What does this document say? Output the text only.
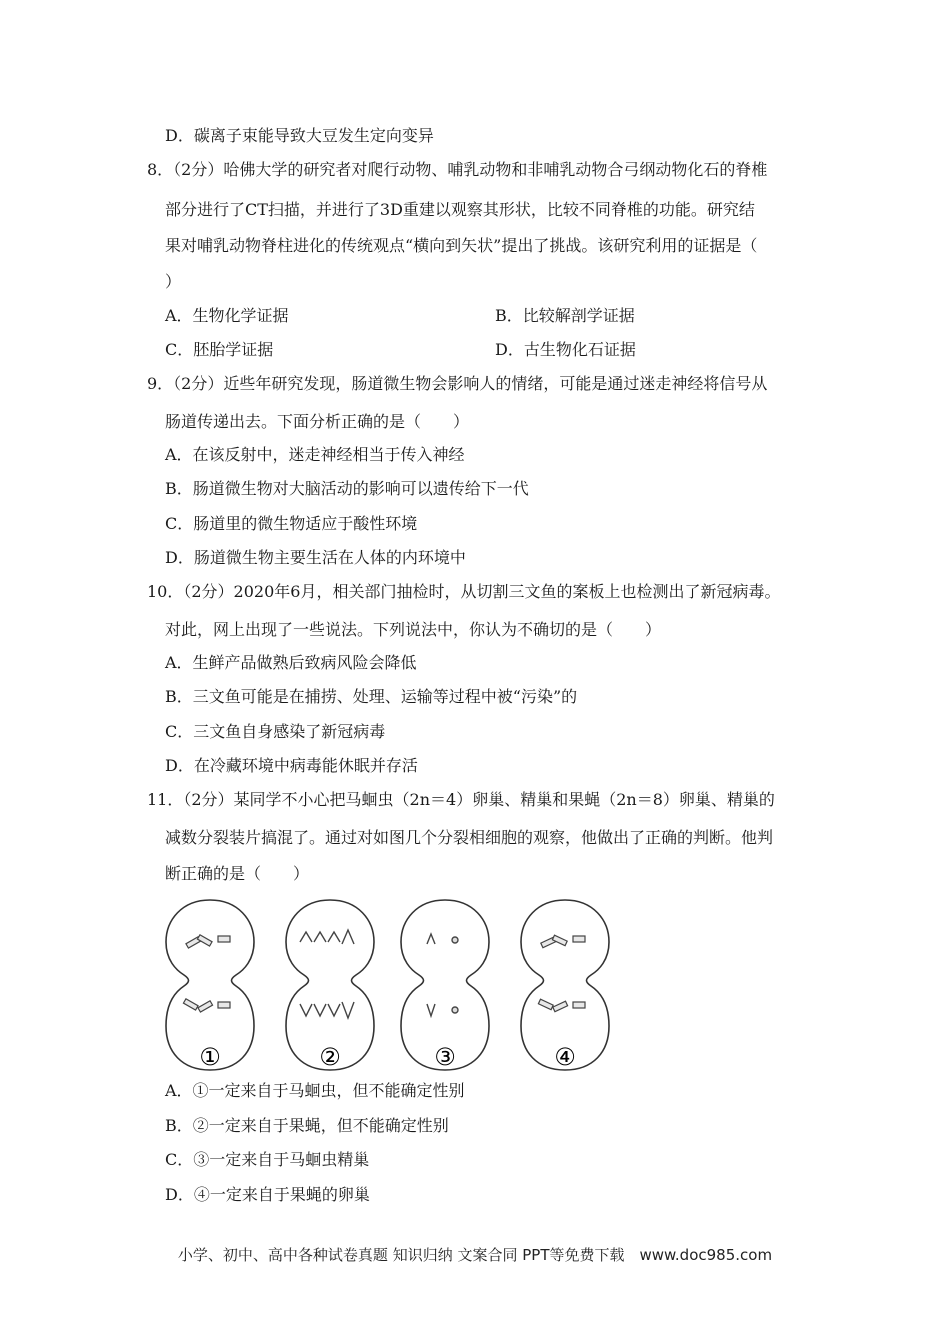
D．碳离子束能导致大豆发生定向变异
8．（2分）哈佛大学的研究者对爬行动物、哺乳动物和非哺乳动物合弓纲动物化石的脊椎
部分进行了CT扫描，并进行了3D重建以观察其形状，比较不同脊椎的功能。研究结
果对哺乳动物脊柱进化的传统观点“横向到矢状”提出了挑战。该研究利用的证据是（
）
A．生物化学证据	B．比较解剖学证据
C．胚胎学证据	D．古生物化石证据
9．（2分）近些年研究发现，肠道微生物会影响人的情绪，可能是通过迷走神经将信号从
肠道传递出去。下面分析正确的是（　　）
A．在该反射中，迷走神经相当于传入神经
B．肠道微生物对大脑活动的影响可以遗传给下一代
C．肠道里的微生物适应于酸性环境
D．肠道微生物主要生活在人体的内环境中
10．（2分）2020年6月，相关部门抽检时，从切割三文鱼的案板上也检测出了新冠病毒。
对此，网上出现了一些说法。下列说法中，你认为不确切的是（　　）
A．生鲜产品做熟后致病风险会降低
B．三文鱼可能是在捕捞、处理、运输等过程中被“污染”的
C．三文鱼自身感染了新冠病毒
D．在冷藏环境中病毒能休眠并存活
11．（2分）某同学不小心把马蛔虫（2n＝4）卵巢、精巢和果蝇（2n＝8）卵巢、精巢的
减数分裂装片搞混了。通过对如图几个分裂相细胞的观察，他做出了正确的判断。他判
断正确的是（　　）
①	②	③	④
A．①一定来自于马蛔虫，但不能确定性别
B．②一定来自于果蝇，但不能确定性别
C．③一定来自于马蛔虫精巢
D．④一定来自于果蝇的卵巢
小学、初中、高中各种试卷真题 知识归纳 文案合同 PPT等免费下载　www.doc985.com
